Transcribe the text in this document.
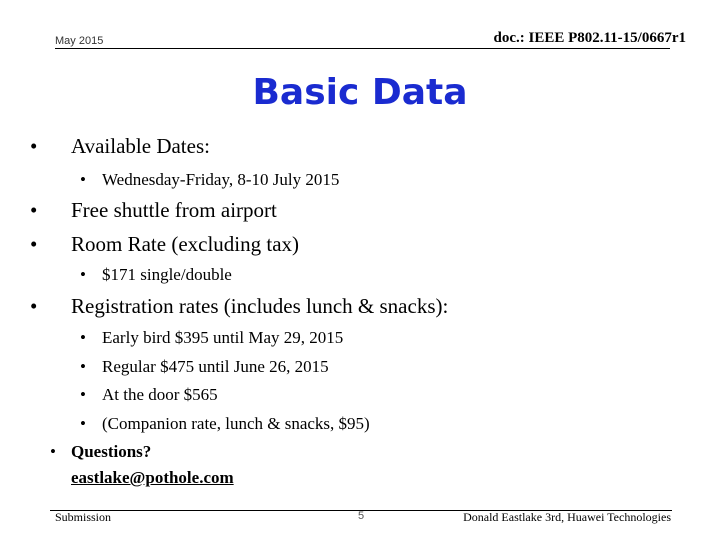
May 2015	doc.: IEEE P802.11-15/0667r1
Basic Data
• Available Dates:
• Wednesday-Friday, 8-10 July 2015
• Free shuttle from airport
• Room Rate (excluding tax)
• $171 single/double
• Registration rates (includes lunch & snacks):
• Early bird $395 until May 29, 2015
• Regular $475 until June 26, 2015
• At the door $565
• (Companion rate, lunch & snacks, $95)
• Questions?
eastlake@pothole.com
Submission	5	Donald Eastlake 3rd, Huawei Technologies
